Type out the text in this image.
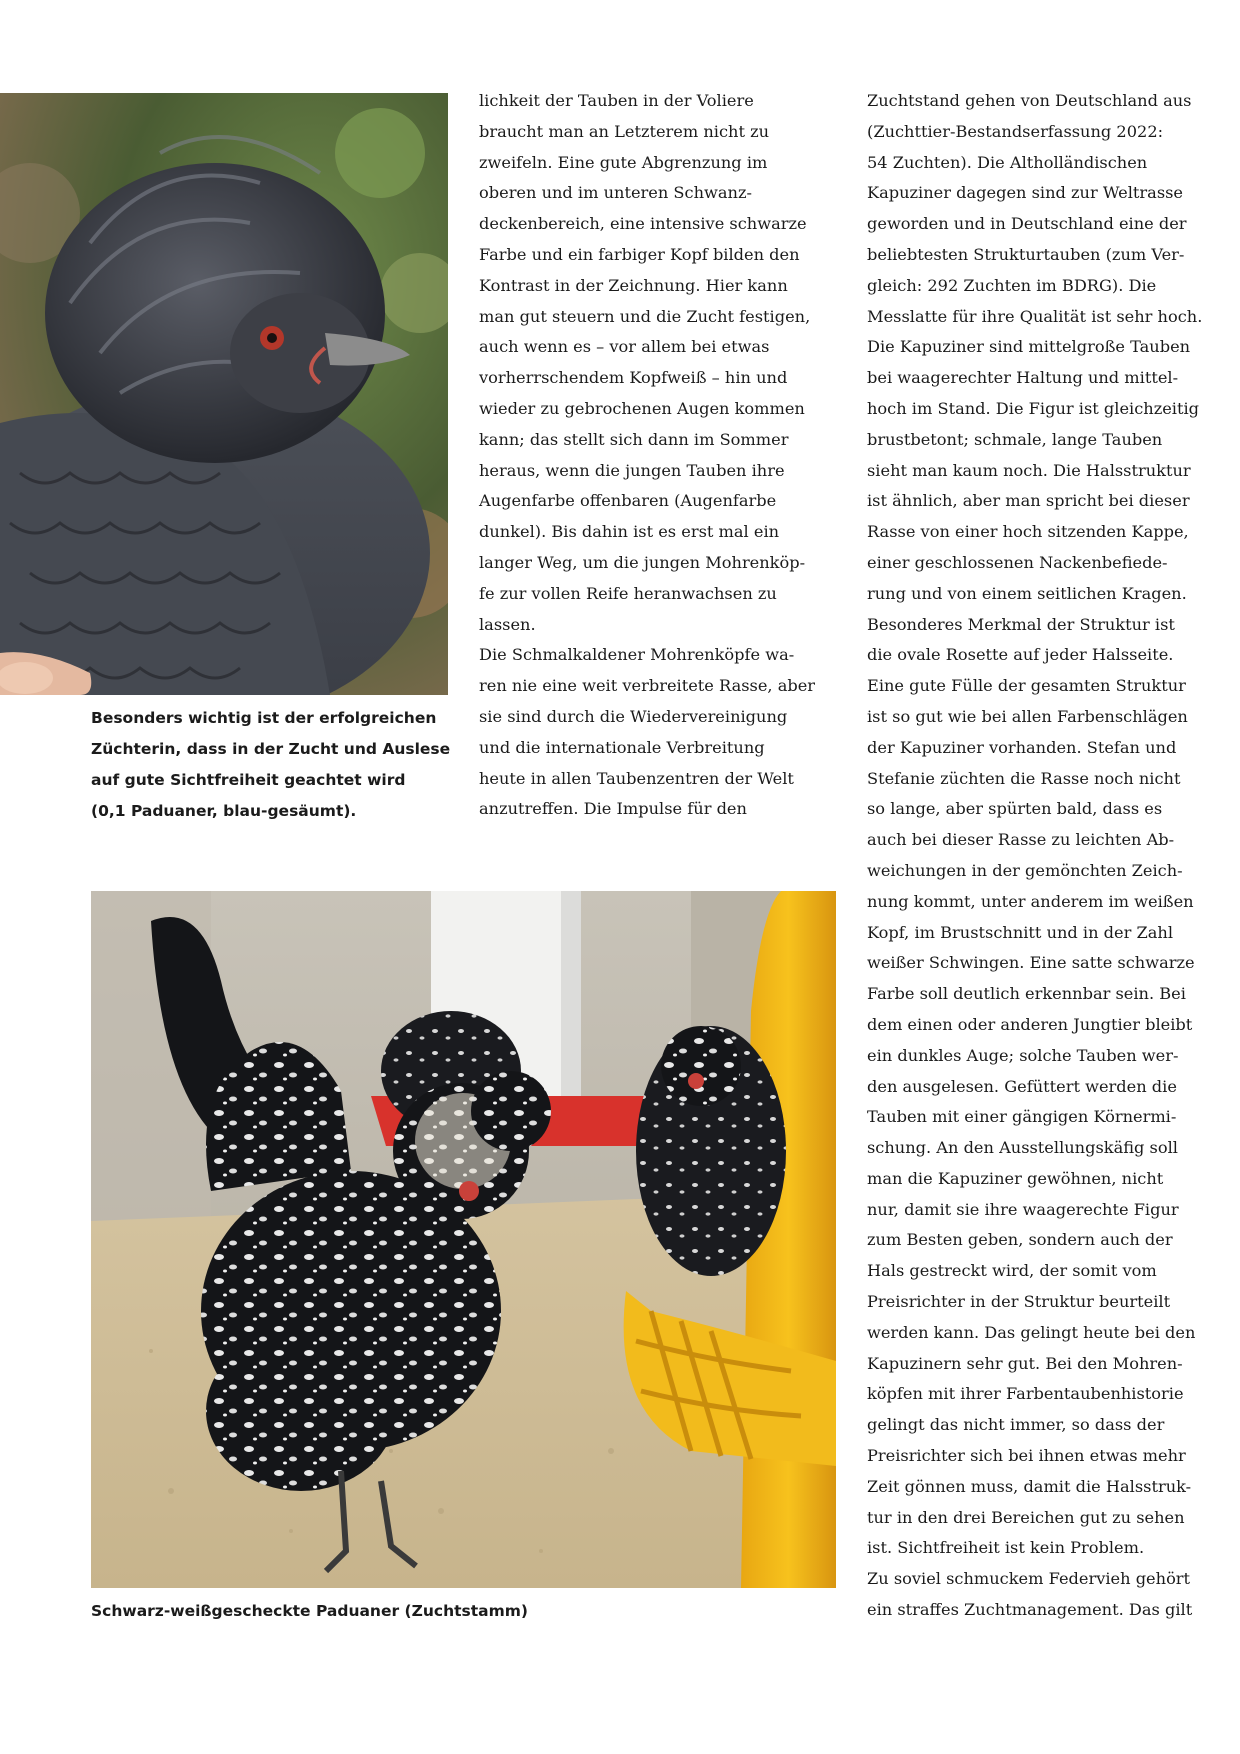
Besonders wichtig ist der erfolgreichen
Züchterin, dass in der Zucht und Auslese
auf gute Sichtfreiheit geachtet wird
(0,1 Paduaner, blau-gesäumt).
Schwarz-weißgescheckte Paduaner (Zuchtstamm)
lichkeit der Tauben in der Voliere
braucht man an Letzterem nicht zu
zweifeln. Eine gute Abgrenzung im
oberen und im unteren Schwanz-
deckenbereich, eine intensive schwarze
Farbe und ein farbiger Kopf bilden den
Kontrast in der Zeichnung. Hier kann
man gut steuern und die Zucht festigen,
auch wenn es – vor allem bei etwas
vorherrschendem Kopfweiß – hin und
wieder zu gebrochenen Augen kommen
kann; das stellt sich dann im Sommer
heraus, wenn die jungen Tauben ihre
Augenfarbe offenbaren (Augenfarbe
dunkel). Bis dahin ist es erst mal ein
langer Weg, um die jungen Mohrenköp-
fe zur vollen Reife heranwachsen zu
lassen.
Die Schmalkaldener Mohrenköpfe wa-
ren nie eine weit verbreitete Rasse, aber
sie sind durch die Wiedervereinigung
und die internationale Verbreitung
heute in allen Taubenzentren der Welt
anzutreffen. Die Impulse für den
Zuchtstand gehen von Deutschland aus
(Zuchttier-Bestandserfassung 2022:
54 Zuchten). Die Altholländischen
Kapuziner dagegen sind zur Weltrasse
geworden und in Deutschland eine der
beliebtesten Strukturtauben (zum Ver-
gleich: 292 Zuchten im BDRG). Die
Messlatte für ihre Qualität ist sehr hoch.
Die Kapuziner sind mittelgroße Tauben
bei waagerechter Haltung und mittel-
hoch im Stand. Die Figur ist gleichzeitig
brustbetont; schmale, lange Tauben
sieht man kaum noch. Die Halsstruktur
ist ähnlich, aber man spricht bei dieser
Rasse von einer hoch sitzenden Kappe,
einer geschlossenen Nackenbefiede-
rung und von einem seitlichen Kragen.
Besonderes Merkmal der Struktur ist
die ovale Rosette auf jeder Halsseite.
Eine gute Fülle der gesamten Struktur
ist so gut wie bei allen Farbenschlägen
der Kapuziner vorhanden. Stefan und
Stefanie züchten die Rasse noch nicht
so lange, aber spürten bald, dass es
auch bei dieser Rasse zu leichten Ab-
weichungen in der gemönchten Zeich-
nung kommt, unter anderem im weißen
Kopf, im Brustschnitt und in der Zahl
weißer Schwingen. Eine satte schwarze
Farbe soll deutlich erkennbar sein. Bei
dem einen oder anderen Jungtier bleibt
ein dunkles Auge; solche Tauben wer-
den ausgelesen. Gefüttert werden die
Tauben mit einer gängigen Körnermi-
schung. An den Ausstellungskäfig soll
man die Kapuziner gewöhnen, nicht
nur, damit sie ihre waagerechte Figur
zum Besten geben, sondern auch der
Hals gestreckt wird, der somit vom
Preisrichter in der Struktur beurteilt
werden kann. Das gelingt heute bei den
Kapuzinern sehr gut. Bei den Mohren-
köpfen mit ihrer Farbentaubenhistorie
gelingt das nicht immer, so dass der
Preisrichter sich bei ihnen etwas mehr
Zeit gönnen muss, damit die Halsstruk-
tur in den drei Bereichen gut zu sehen
ist. Sichtfreiheit ist kein Problem.
Zu soviel schmuckem Federvieh gehört
ein straffes Zuchtmanagement. Das gilt
